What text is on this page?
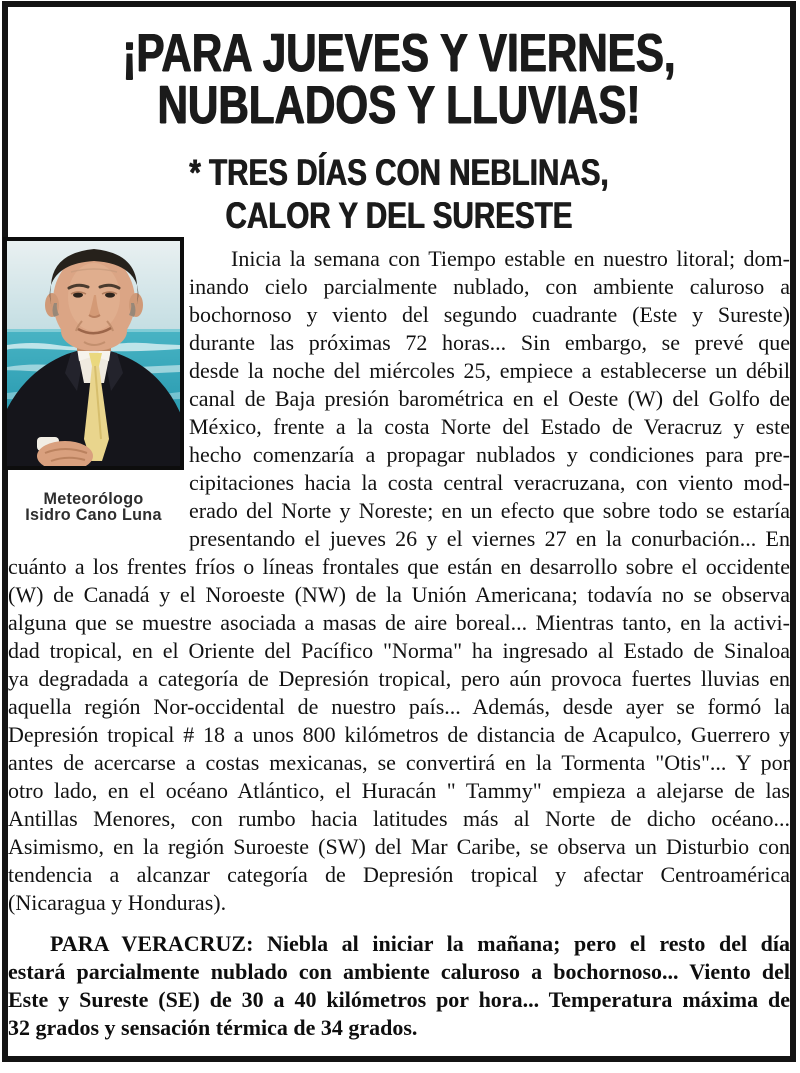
¡PARA JUEVES Y VIERNES,
NUBLADOS Y LLUVIAS!
* TRES DÍAS CON NEBLINAS,
CALOR Y DEL SURESTE
Meteorólogo
Isidro Cano Luna
Inicia la semana con Tiempo estable en nuestro litoral; dom-
inando cielo parcialmente nublado, con ambiente caluroso a
bochornoso y viento del segundo cuadrante (Este y Sureste)
durante las próximas 72 horas... Sin embargo, se prevé que
desde la noche del miércoles 25, empiece a establecerse un débil
canal de Baja presión barométrica en el Oeste (W) del Golfo de
México, frente a la costa Norte del Estado de Veracruz y este
hecho comenzaría a propagar nublados y condiciones para pre-
cipitaciones hacia la costa central veracruzana, con viento mod-
erado del Norte y Noreste; en un efecto que sobre todo se estaría
presentando el jueves 26 y el viernes 27 en la conurbación... En
cuánto a los frentes fríos o líneas frontales que están en desarrollo sobre el occidente
(W) de Canadá y el Noroeste (NW) de la Unión Americana; todavía no se observa
alguna que se muestre asociada a masas de aire boreal... Mientras tanto, en la activi-
dad tropical, en el Oriente del Pacífico "Norma" ha ingresado al Estado de Sinaloa
ya degradada a categoría de Depresión tropical, pero aún provoca fuertes lluvias en
aquella región Nor-occidental de nuestro país... Además, desde ayer se formó la
Depresión tropical # 18 a unos 800 kilómetros de distancia de Acapulco, Guerrero y
antes de acercarse a costas mexicanas, se convertirá en la Tormenta "Otis"... Y por
otro lado, en el océano Atlántico, el Huracán " Tammy" empieza a alejarse de las
Antillas Menores, con rumbo hacia latitudes más al Norte de dicho océano...
Asimismo, en la región Suroeste (SW) del Mar Caribe, se observa un Disturbio con
tendencia a alcanzar categoría de Depresión tropical y afectar Centroamérica
(Nicaragua y Honduras).
PARA VERACRUZ: Niebla al iniciar la mañana; pero el resto del día
estará parcialmente nublado con ambiente caluroso a bochornoso... Viento del
Este y Sureste (SE) de 30 a 40 kilómetros por hora... Temperatura máxima de
32 grados y sensación térmica de 34 grados.
